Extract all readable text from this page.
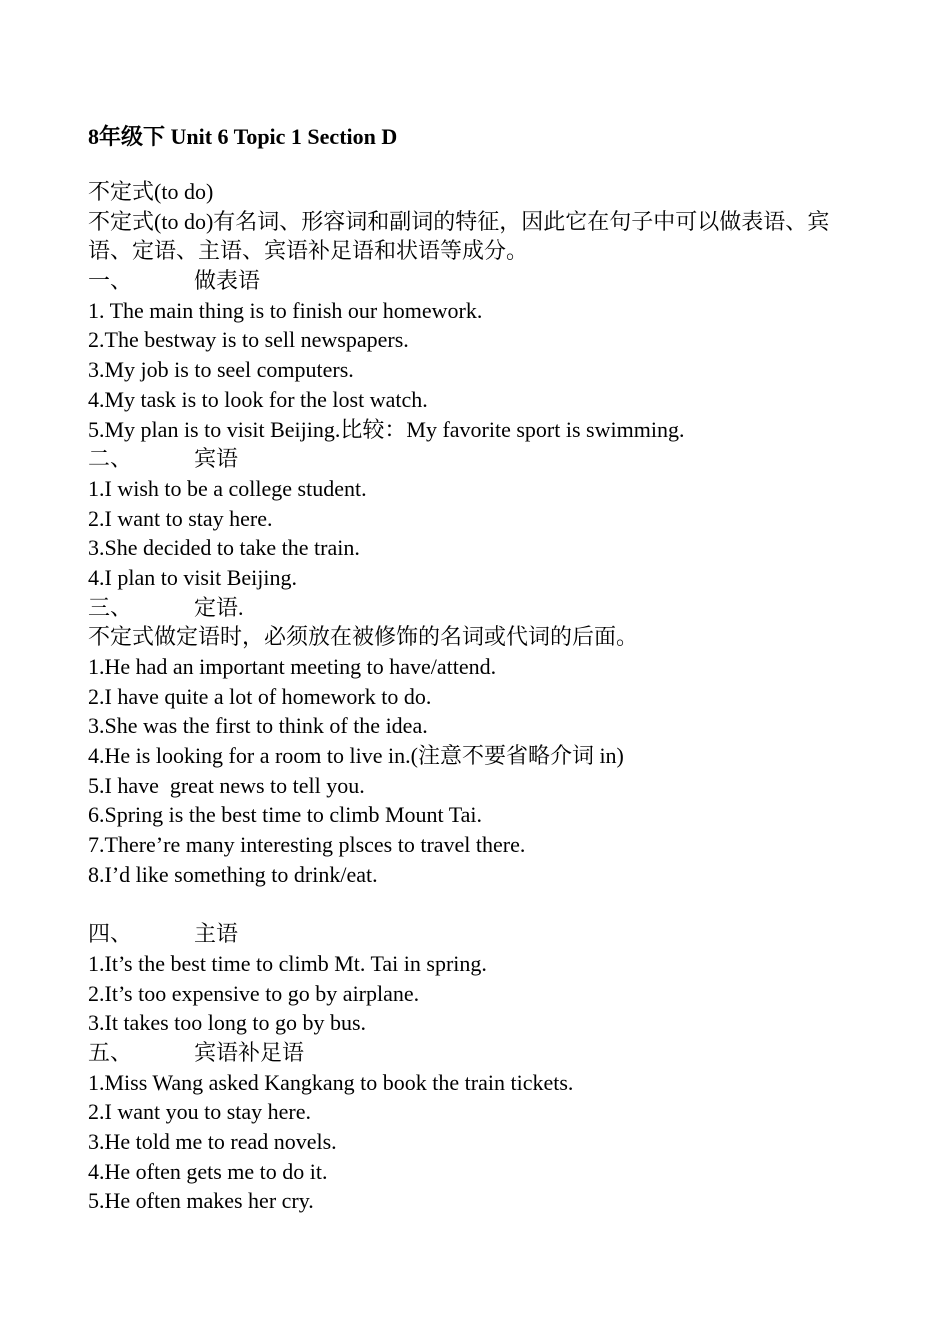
8年级下 Unit 6 Topic 1 Section D
不定式(to do)
不定式(to do)有名词、形容词和副词的特征，因此它在句子中可以做表语、宾语、定语、主语、宾语补足语和状语等成分。
一、	做表语
1. The main thing is to finish our homework.
2.The bestway is to sell newspapers.
3.My job is to seel computers.
4.My task is to look for the lost watch.
5.My plan is to visit Beijing.比较：My favorite sport is swimming.
二、	宾语
1.I wish to be a college student.
2.I want to stay here.
3.She decided to take the train.
4.I plan to visit Beijing.
三、	定语.
不定式做定语时，必须放在被修饰的名词或代词的后面。
1.He had an important meeting to have/attend.
2.I have quite a lot of homework to do.
3.She was the first to think of the idea.
4.He is looking for a room to live in.(注意不要省略介词 in)
5.I have  great news to tell you.
6.Spring is the best time to climb Mount Tai.
7.There’re many interesting plsces to travel there.
8.I’d like something to drink/eat.
四、	主语
1.It’s the best time to climb Mt. Tai in spring.
2.It’s too expensive to go by airplane.
3.It takes too long to go by bus.
五、	宾语补足语
1.Miss Wang asked Kangkang to book the train tickets.
2.I want you to stay here.
3.He told me to read novels.
4.He often gets me to do it.
5.He often makes her cry.
